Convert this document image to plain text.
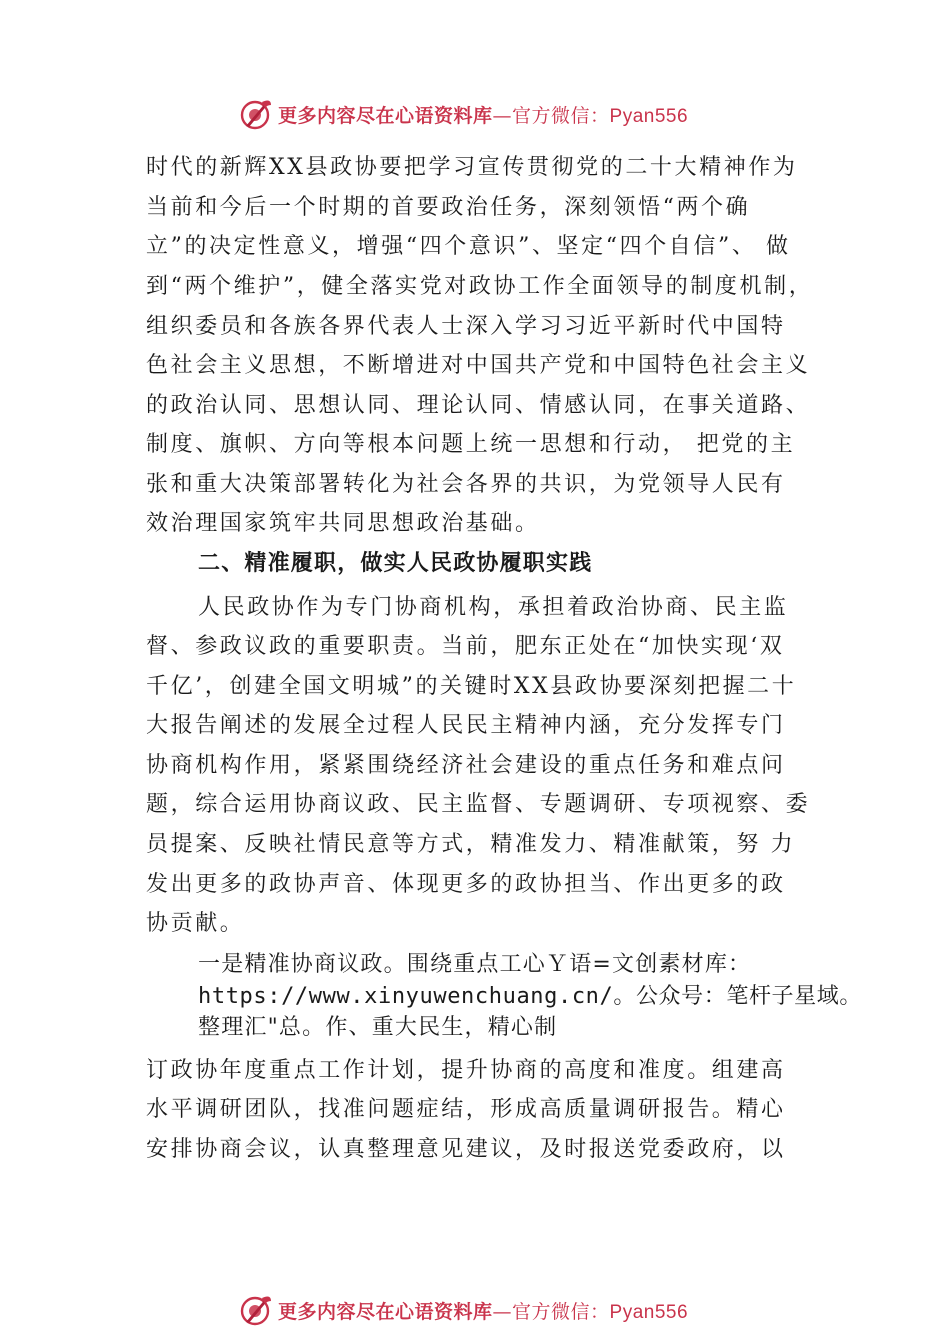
更多内容尽在心语资料库—官方微信：Pyan556
时代的新辉XX县政协要把学习宣传贯彻党的二十大精神作为
当前和今后一个时期的首要政治任务，深刻领悟“两个确
立”的决定性意义，增强“四个意识”、坚定“四个自信”、 做
到“两个维护”，健全落实党对政协工作全面领导的制度机制，
组织委员和各族各界代表人士深入学习习近平新时代中国特
色社会主义思想，不断增进对中国共产党和中国特色社会主义
的政治认同、思想认同、理论认同、情感认同，在事关道路、
制度、旗帜、方向等根本问题上统一思想和行动， 把党的主
张和重大决策部署转化为社会各界的共识，为党领导人民有
效治理国家筑牢共同思想政治基础。
二、精准履职，做实人民政协履职实践
人民政协作为专门协商机构，承担着政治协商、民主监
督、参政议政的重要职责。当前，肥东正处在“加快实现‘双
千亿’，创建全国文明城”的关键时XX县政协要深刻把握二十
大报告阐述的发展全过程人民民主精神内涵，充分发挥专门
协商机构作用，紧紧围绕经济社会建设的重点任务和难点问
题，综合运用协商议政、民主监督、专题调研、专项视察、委
员提案、反映社情民意等方式，精准发力、精准献策，努 力
发出更多的政协声音、体现更多的政协担当、作出更多的政
协贡献。
一是精准协商议政。围绕重点工心Ｙ语=文创素材库：
https://www.xinyuwenchuang.cn/。公众号：笔杆子星域。
整理汇"总。作、重大民生，精心制
订政协年度重点工作计划，提升协商的高度和准度。组建高
水平调研团队，找准问题症结，形成高质量调研报告。精心
安排协商会议，认真整理意见建议，及时报送党委政府，以
更多内容尽在心语资料库—官方微信：Pyan556
